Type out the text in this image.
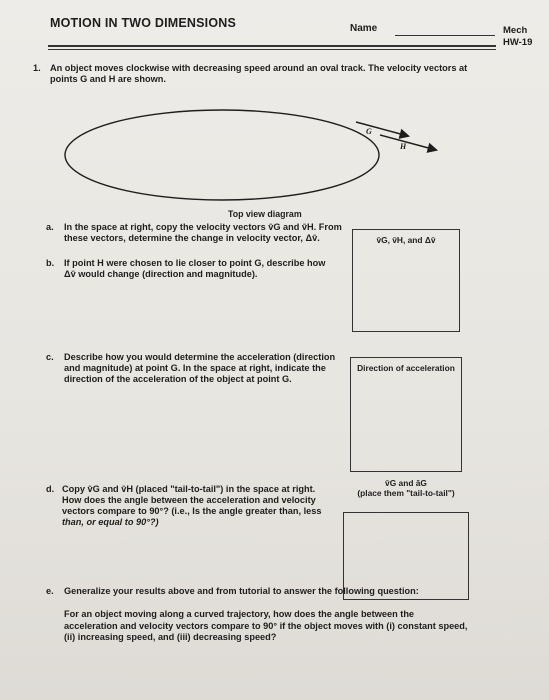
MOTION IN TWO DIMENSIONS	Name	Mech
HW-19
1. An object moves clockwise with decreasing speed around an oval track. The velocity vectors at
points G and H are shown.
G
H
Top view diagram
a. In the space at right, copy the velocity vectors v̄G and v̄H. From
these vectors, determine the change in velocity vector, Δv̄.	v̄G, v̄H, and Δv̄
b. If point H were chosen to lie closer to point G, describe how
Δv̄ would change (direction and magnitude).
c. Describe how you would determine the acceleration (direction
and magnitude) at point G. In the space at right, indicate the
direction of the acceleration of the object at point G.
Direction of acceleration
d. Copy v̄G and v̄H (placed "tail-to-tail") in the space at right.
How does the angle between the acceleration and velocity
vectors compare to 90°? (i.e., Is the angle greater than, less
than, or equal to 90°?)
v̄G and āG
(place them "tail-to-tail")
e. Generalize your results above and from tutorial to answer the following question:
For an object moving along a curved trajectory, how does the angle between the
acceleration and velocity vectors compare to 90° if the object moves with (i) constant speed,
(ii) increasing speed, and (iii) decreasing speed?
